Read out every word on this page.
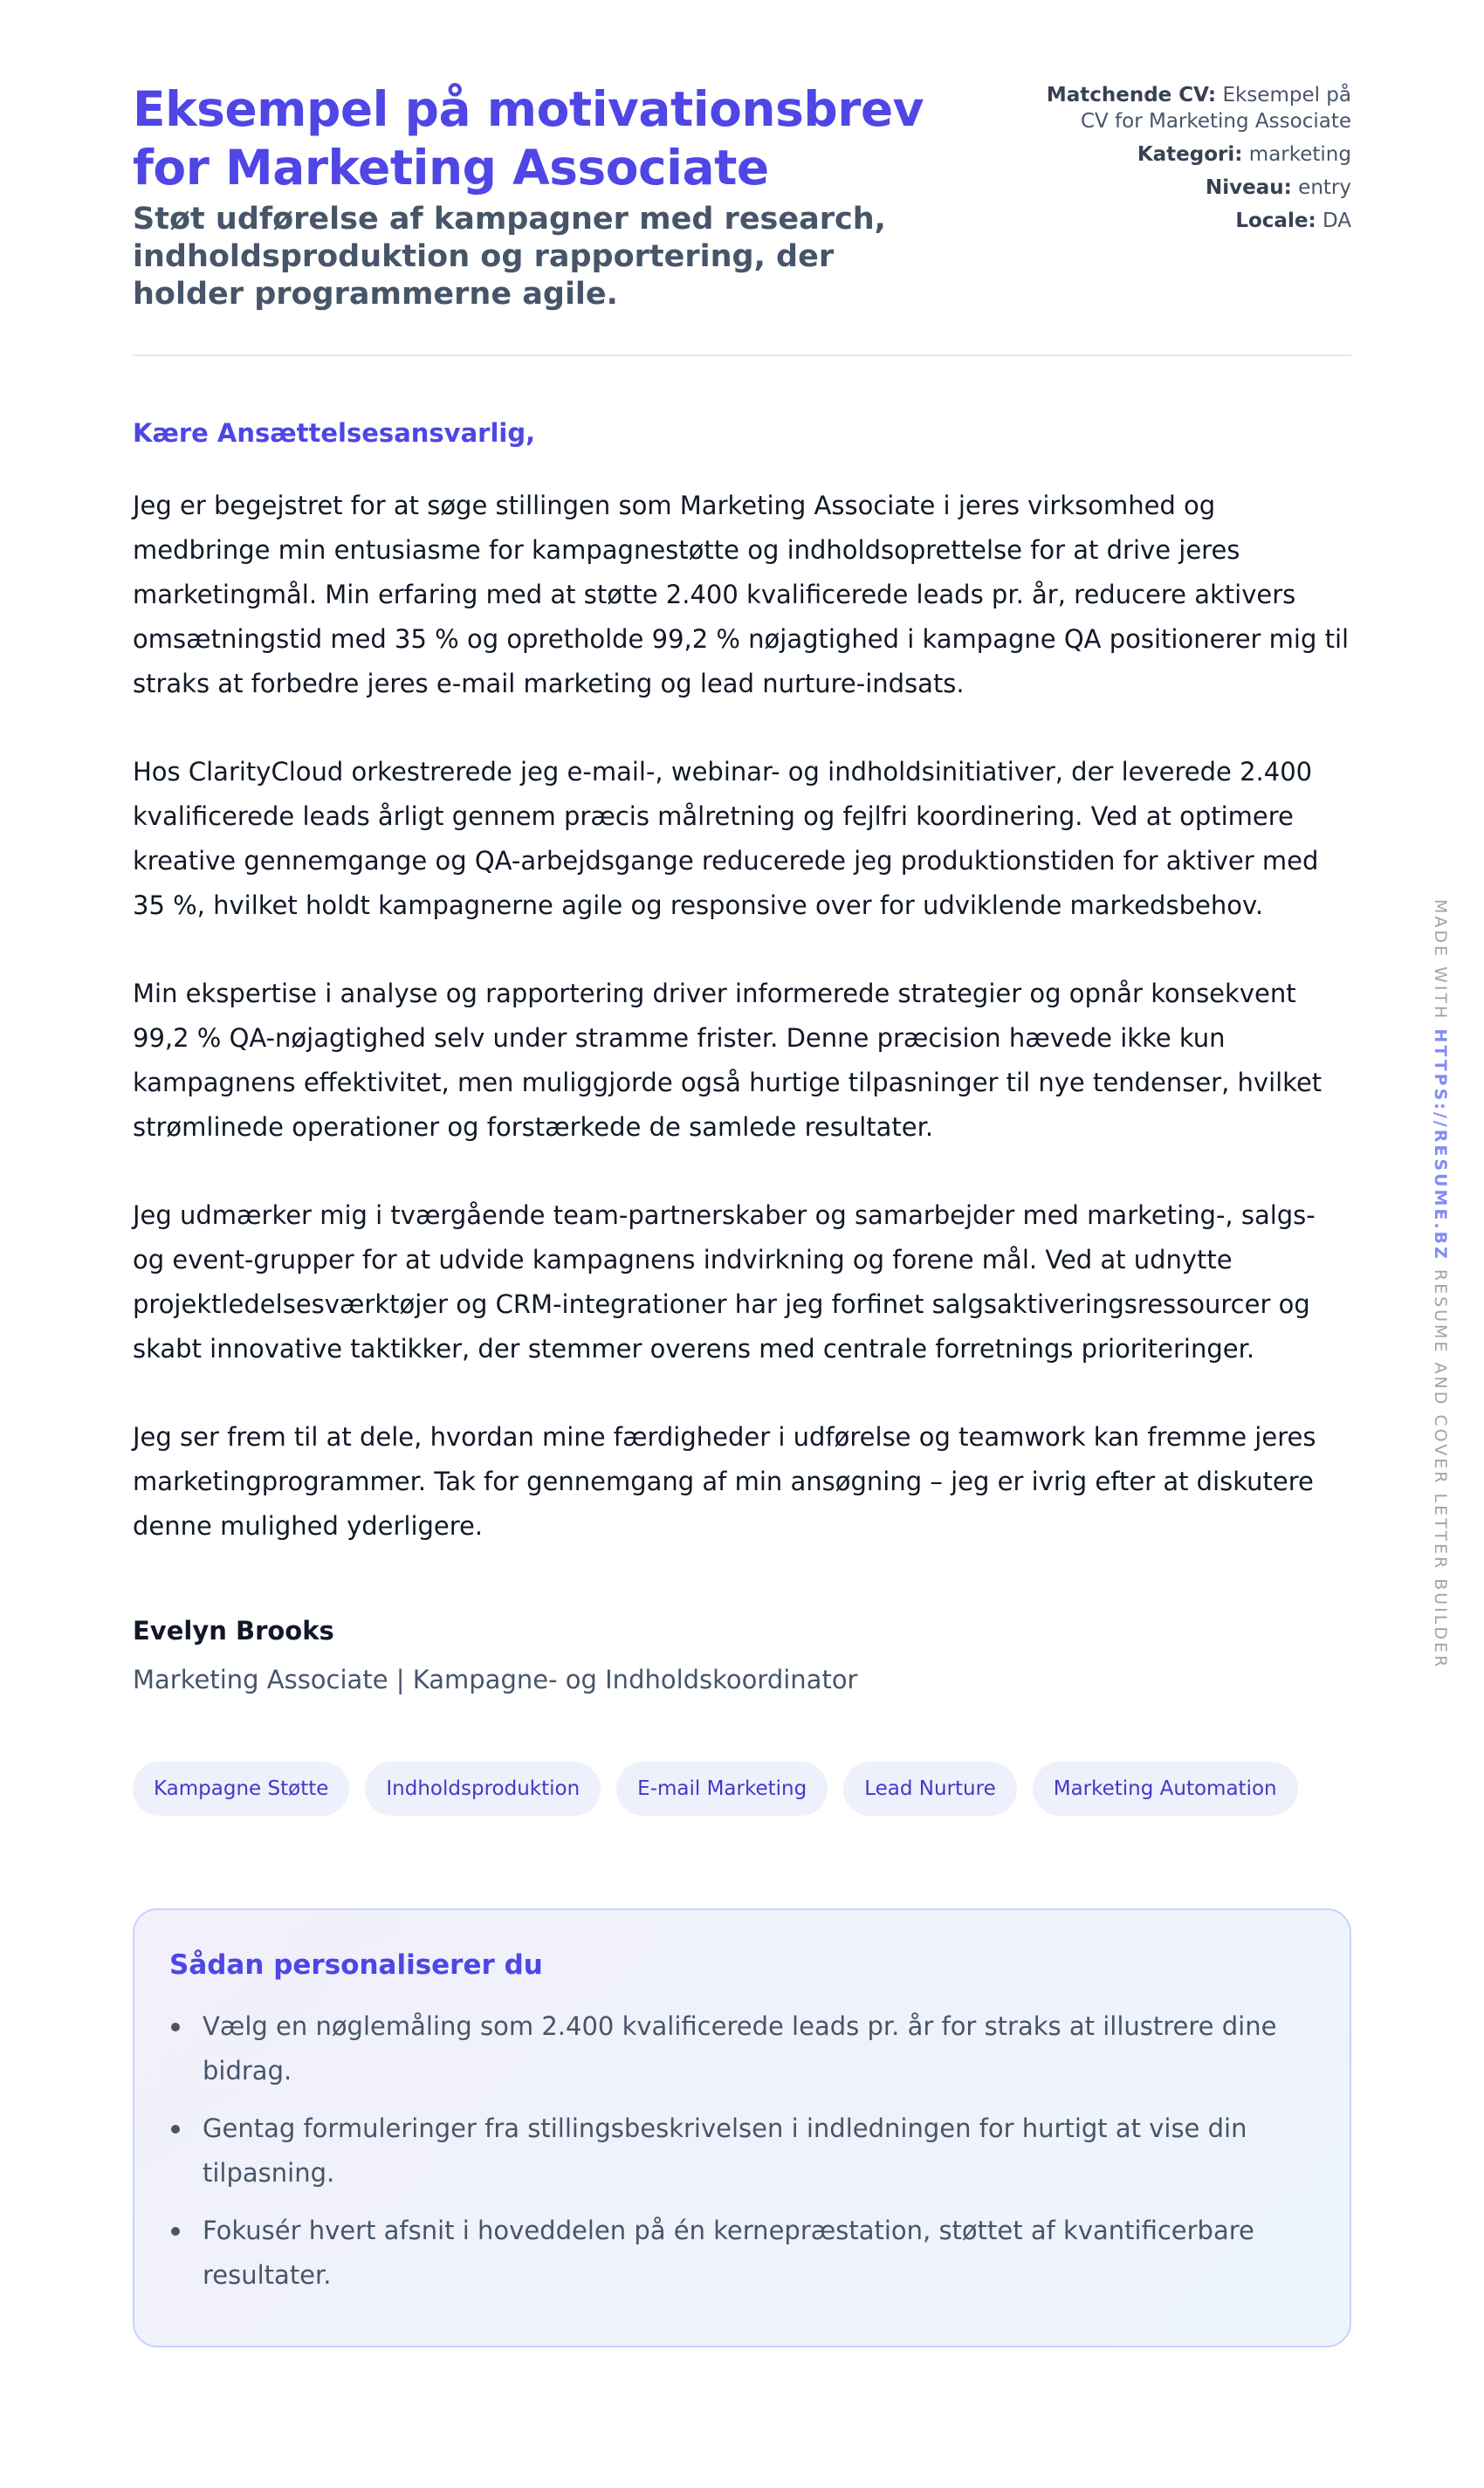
Eksempel på motivationsbrev for Marketing Associate
Støt udførelse af kampagner med research, indholdsproduktion og rapportering, der holder programmerne agile.
Matchende CV: Eksempel på CV for Marketing Associate
Kategori: marketing
Niveau: entry
Locale: DA
Kære Ansættelsesansvarlig,

Jeg er begejstret for at søge stillingen som Marketing Associate i jeres virksomhed og medbringe min entusiasme for kampagnestøtte og indholdsoprettelse for at drive jeres marketingmål. Min erfaring med at støtte 2.400 kvalificerede leads pr. år, reducere aktivers omsætningstid med 35 % og opretholde 99,2 % nøjagtighed i kampagne QA positionerer mig til straks at forbedre jeres e-mail marketing og lead nurture-indsats.

Hos ClarityCloud orkestrerede jeg e-mail-, webinar- og indholdsinitiativer, der leverede 2.400 kvalificerede leads årligt gennem præcis målretning og fejlfri koordinering. Ved at optimere kreative gennemgange og QA-arbejdsgange reducerede jeg produktionstiden for aktiver med 35 %, hvilket holdt kampagnerne agile og responsive over for udviklende markedsbehov.

Min ekspertise i analyse og rapportering driver informerede strategier og opnår konsekvent 99,2 % QA-nøjagtighed selv under stramme frister. Denne præcision hævede ikke kun kampagnens effektivitet, men muliggjorde også hurtige tilpasninger til nye tendenser, hvilket strømlinede operationer og forstærkede de samlede resultater.

Jeg udmærker mig i tværgående team-partnerskaber og samarbejder med marketing-, salgs- og event-grupper for at udvide kampagnens indvirkning og forene mål. Ved at udnytte projektledelsesværktøjer og CRM-integrationer har jeg forfinet salgsaktiveringsressourcer og skabt innovative taktikker, der stemmer overens med centrale forretnings prioriteringer.

Jeg ser frem til at dele, hvordan mine færdigheder i udførelse og teamwork kan fremme jeres marketingprogrammer. Tak for gennemgang af min ansøgning – jeg er ivrig efter at diskutere denne mulighed yderligere.

Evelyn Brooks
Marketing Associate | Kampagne- og Indholdskoordinator
Kampagne Støtte	Indholdsproduktion	E-mail Marketing	Lead Nurture	Marketing Automation
Sådan personaliserer du
Vælg en nøglemåling som 2.400 kvalificerede leads pr. år for straks at illustrere dine bidrag.
Gentag formuleringer fra stillingsbeskrivelsen i indledningen for hurtigt at vise din tilpasning.
Fokusér hvert afsnit i hoveddelen på én kernepræstation, støttet af kvantificerbare resultater.
MADE WITH HTTPS://RESUME.BZ RESUME AND COVER LETTER BUILDER
